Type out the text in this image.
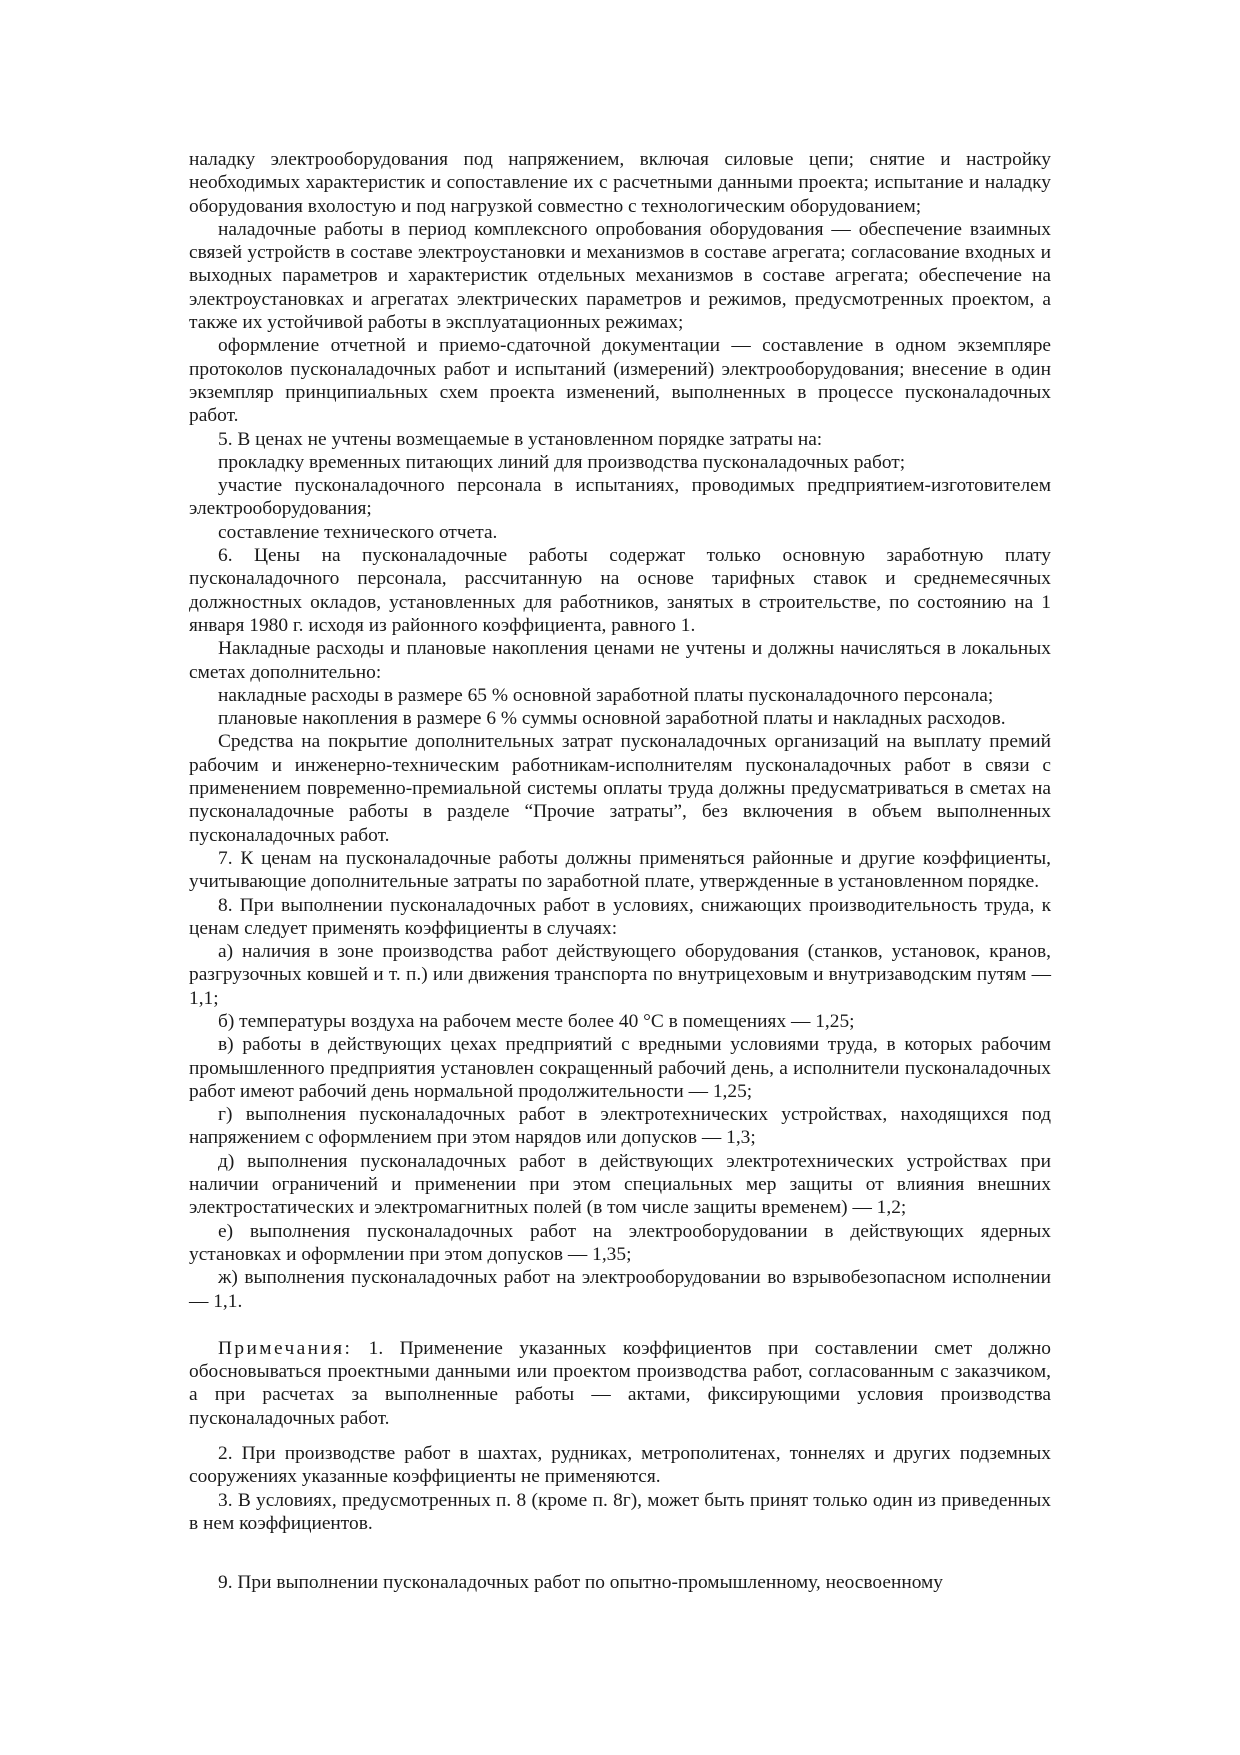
наладку электрооборудования под напряжением, включая силовые цепи; снятие и настройку необходимых характеристик и сопоставление их с расчетными данными проекта; испытание и наладку оборудования вхолостую и под нагрузкой совместно с технологическим оборудованием;

наладочные работы в период комплексного опробования оборудования — обеспечение взаимных связей устройств в составе электроустановки и механизмов в составе агрегата; согласование входных и выходных параметров и характеристик отдельных механизмов в составе агрегата; обеспечение на электроустановках и агрегатах электрических параметров и режимов, предусмотренных проектом, а также их устойчивой работы в эксплуатационных режимах;

оформление отчетной и приемо-сдаточной документации — составление в одном экземпляре протоколов пусконаладочных работ и испытаний (измерений) электрооборудования; внесение в один экземпляр принципиальных схем проекта изменений, выполненных в процессе пусконаладочных работ.

5. В ценах не учтены возмещаемые в установленном порядке затраты на:

прокладку временных питающих линий для производства пусконаладочных работ;

участие пусконаладочного персонала в испытаниях, проводимых предприятием-изготовителем электрооборудования;

составление технического отчета.

6. Цены на пусконаладочные работы содержат только основную заработную плату пусконаладочного персонала, рассчитанную на основе тарифных ставок и среднемесячных должностных окладов, установленных для работников, занятых в строительстве, по состоянию на 1 января 1980 г. исходя из районного коэффициента, равного 1.

Накладные расходы и плановые накопления ценами не учтены и должны начисляться в локальных сметах дополнительно:

накладные расходы в размере 65 % основной заработной платы пусконаладочного персонала;

плановые накопления в размере 6 % суммы основной заработной платы и накладных расходов.

Средства на покрытие дополнительных затрат пусконаладочных организаций на выплату премий рабочим и инженерно-техническим работникам-исполнителям пусконаладочных работ в связи с применением повременно-премиальной системы оплаты труда должны предусматриваться в сметах на пусконаладочные работы в разделе “Прочие затраты”, без включения в объем выполненных пусконаладочных работ.

7. К ценам на пусконаладочные работы должны применяться районные и другие коэффициенты, учитывающие дополнительные затраты по заработной плате, утвержденные в установленном порядке.

8. При выполнении пусконаладочных работ в условиях, снижающих производительность труда, к ценам следует применять коэффициенты в случаях:

а) наличия в зоне производства работ действующего оборудования (станков, установок, кранов, разгрузочных ковшей и т. п.) или движения транспорта по внутрицеховым и внутризаводским путям — 1,1;

б) температуры воздуха на рабочем месте более 40 °С в помещениях — 1,25;

в) работы в действующих цехах предприятий с вредными условиями труда, в которых рабочим промышленного предприятия установлен сокращенный рабочий день, а исполнители пусконаладочных работ имеют рабочий день нормальной продолжительности — 1,25;

г) выполнения пусконаладочных работ в электротехнических устройствах, находящихся под напряжением с оформлением при этом нарядов или допусков — 1,3;

д) выполнения пусконаладочных работ в действующих электротехнических устройствах при наличии ограничений и применении при этом специальных мер защиты от влияния внешних электростатических и электромагнитных полей (в том числе защиты временем) — 1,2;

е) выполнения пусконаладочных работ на электрооборудовании в действующих ядерных установках и оформлении при этом допусков — 1,35;

ж) выполнения пусконаладочных работ на электрооборудовании во взрывобезопасном исполнении — 1,1.

Примечания: 1. Применение указанных коэффициентов при составлении смет должно обосновываться проектными данными или проектом производства работ, согласованным с заказчиком, а при расчетах за выполненные работы — актами, фиксирующими условия производства пусконаладочных работ.

2. При производстве работ в шахтах, рудниках, метрополитенах, тоннелях и других подземных сооружениях указанные коэффициенты не применяются.

3. В условиях, предусмотренных п. 8 (кроме п. 8г), может быть принят только один из приведенных в нем коэффициентов.

9. При выполнении пусконаладочных работ по опытно-промышленному, неосвоенному
